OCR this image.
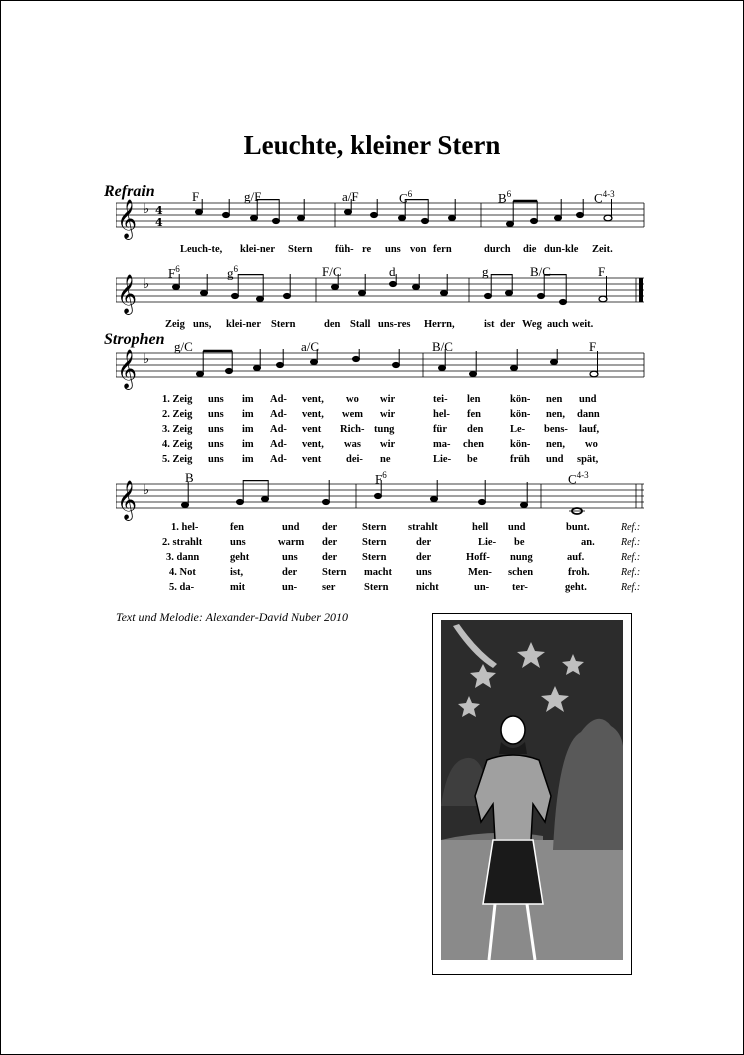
Leuchte, kleiner Stern
Refrain
Strophen
F	g/F	a/F	$C^6$	$B^6$	$C^{4-3}$
$F^6$	$g^6$	F/C	d	g	B/C	F
g/C	a/C	B/C	F
B	$F^6$	$C^{4-3}$
𝄞 ♭ 4
4
Leuch-te, klei-ner Stern füh- re uns von fern	durch die dun-kle Zeit.
𝄞 ♭
Zeig uns, klei-ner Stern	den Stall uns-res Herrn,	ist der Weg auch weit.
𝄞 ♭
1. Zeig uns im Ad- vent, wo wir	tei- len	kön- nen und
2. Zeig uns im Ad- vent, wem wir	hel- fen	kön- nen, dann
3. Zeig uns im Ad- vent Rich- tung	für den	Le- bens- lauf,
4. Zeig uns im Ad- vent, was wir	ma- chen kön- nen, wo
5. Zeig uns im Ad- vent dei- ne	Lie- be	früh und spät,
𝄞 ♭
1. hel-	fen	und der Stern strahlt	hell und	bunt.	Ref.:
2. strahlt	uns	warm der Stern	der	Lie- be	an.	Ref.:
3. dann	geht	uns der Stern	der	Hoff- nung	auf.	Ref.:
4. Not	ist,	der Stern macht uns	Men- schen	froh.	Ref.:
5. da-	mit	un- ser	Stern	nicht	un- ter-	geht.	Ref.:
Text und Melodie: Alexander-David Nuber 2010
